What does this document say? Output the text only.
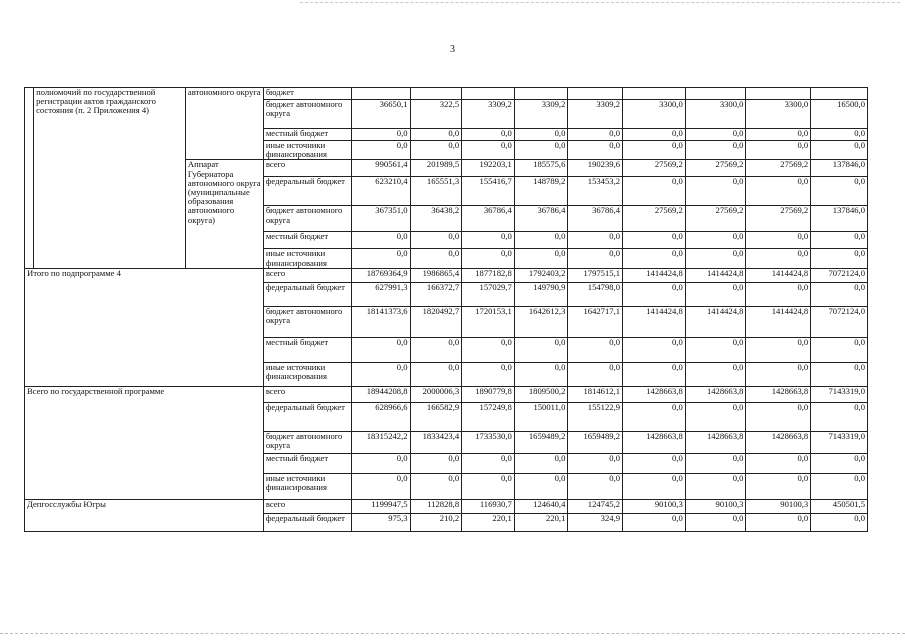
3
	полномочий по государственной регистрации актов гражданского состояния (п. 2 Приложения 4)	автономного округа	бюджет									
			бюджет автономного округа	36650,1	322,5	3309,2	3309,2	3309,2	3300,0	3300,0	3300,0	16500,0
			местный бюджет	0,0	0,0	0,0	0,0	0,0	0,0	0,0	0,0	0,0
			иные источники финансирования	0,0	0,0	0,0	0,0	0,0	0,0	0,0	0,0	0,0
		Аппарат Губернатора автономного округа (муниципальные образования автономного округа)	всего	990561,4	201989,5	192203,1	185575,6	190239,6	27569,2	27569,2	27569,2	137846,0
			федеральный бюджет	623210,4	165551,3	155416,7	148789,2	153453,2	0,0	0,0	0,0	0,0
			бюджет автономного округа	367351,0	36438,2	36786,4	36786,4	36786,4	27569,2	27569,2	27569,2	137846,0
			местный бюджет	0,0	0,0	0,0	0,0	0,0	0,0	0,0	0,0	0,0
			иные источники финансирования	0,0	0,0	0,0	0,0	0,0	0,0	0,0	0,0	0,0
Итого по подпрограмме 4			всего	18769364,9	1986865,4	1877182,8	1792403,2	1797515,1	1414424,8	1414424,8	1414424,8	7072124,0
			федеральный бюджет	627991,3	166372,7	157029,7	149790,9	154798,0	0,0	0,0	0,0	0,0
			бюджет автономного округа	18141373,6	1820492,7	1720153,1	1642612,3	1642717,1	1414424,8	1414424,8	1414424,8	7072124,0
			местный бюджет	0,0	0,0	0,0	0,0	0,0	0,0	0,0	0,0	0,0
			иные источники финансирования	0,0	0,0	0,0	0,0	0,0	0,0	0,0	0,0	0,0
Всего по государственной программе			всего	18944208,8	2000006,3	1890779,8	1809500,2	1814612,1	1428663,8	1428663,8	1428663,8	7143319,0
			федеральный бюджет	628966,6	166582,9	157249,8	150011,0	155122,9	0,0	0,0	0,0	0,0
			бюджет автономного округа	18315242,2	1833423,4	1733530,0	1659489,2	1659489,2	1428663,8	1428663,8	1428663,8	7143319,0
			местный бюджет	0,0	0,0	0,0	0,0	0,0	0,0	0,0	0,0	0,0
			иные источники финансирования	0,0	0,0	0,0	0,0	0,0	0,0	0,0	0,0	0,0
Депгосслужбы Югры			всего	1199947,5	112828,8	116930,7	124640,4	124745,2	90100,3	90100,3	90100,3	450501,5
			федеральный бюджет	975,3	210,2	220,1	220,1	324,9	0,0	0,0	0,0	0,0
